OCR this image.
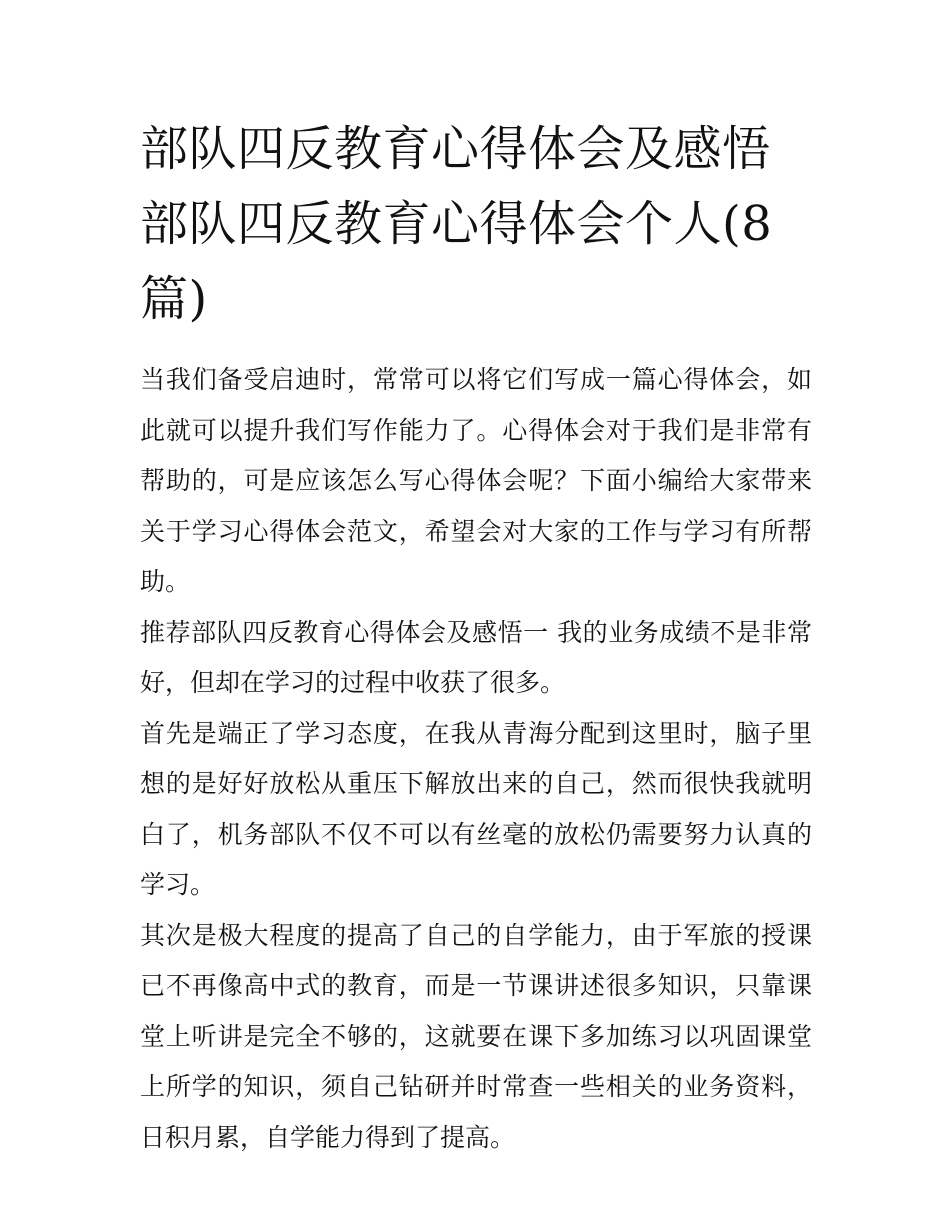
部队四反教育心得体会及感悟部队四反教育心得体会个人(8篇)

当我们备受启迪时，常常可以将它们写成一篇心得体会，如此就可以提升我们写作能力了。心得体会对于我们是非常有帮助的，可是应该怎么写心得体会呢？下面小编给大家带来关于学习心得体会范文，希望会对大家的工作与学习有所帮助。

推荐部队四反教育心得体会及感悟一 我的业务成绩不是非常好，但却在学习的过程中收获了很多。

首先是端正了学习态度，在我从青海分配到这里时，脑子里想的是好好放松从重压下解放出来的自己，然而很快我就明白了，机务部队不仅不可以有丝毫的放松仍需要努力认真的学习。

其次是极大程度的提高了自己的自学能力，由于军旅的授课已不再像高中式的教育，而是一节课讲述很多知识，只靠课堂上听讲是完全不够的，这就要在课下多加练习以巩固课堂上所学的知识，须自己钻研并时常查一些相关的业务资料，日积月累，自学能力得到了提高。
